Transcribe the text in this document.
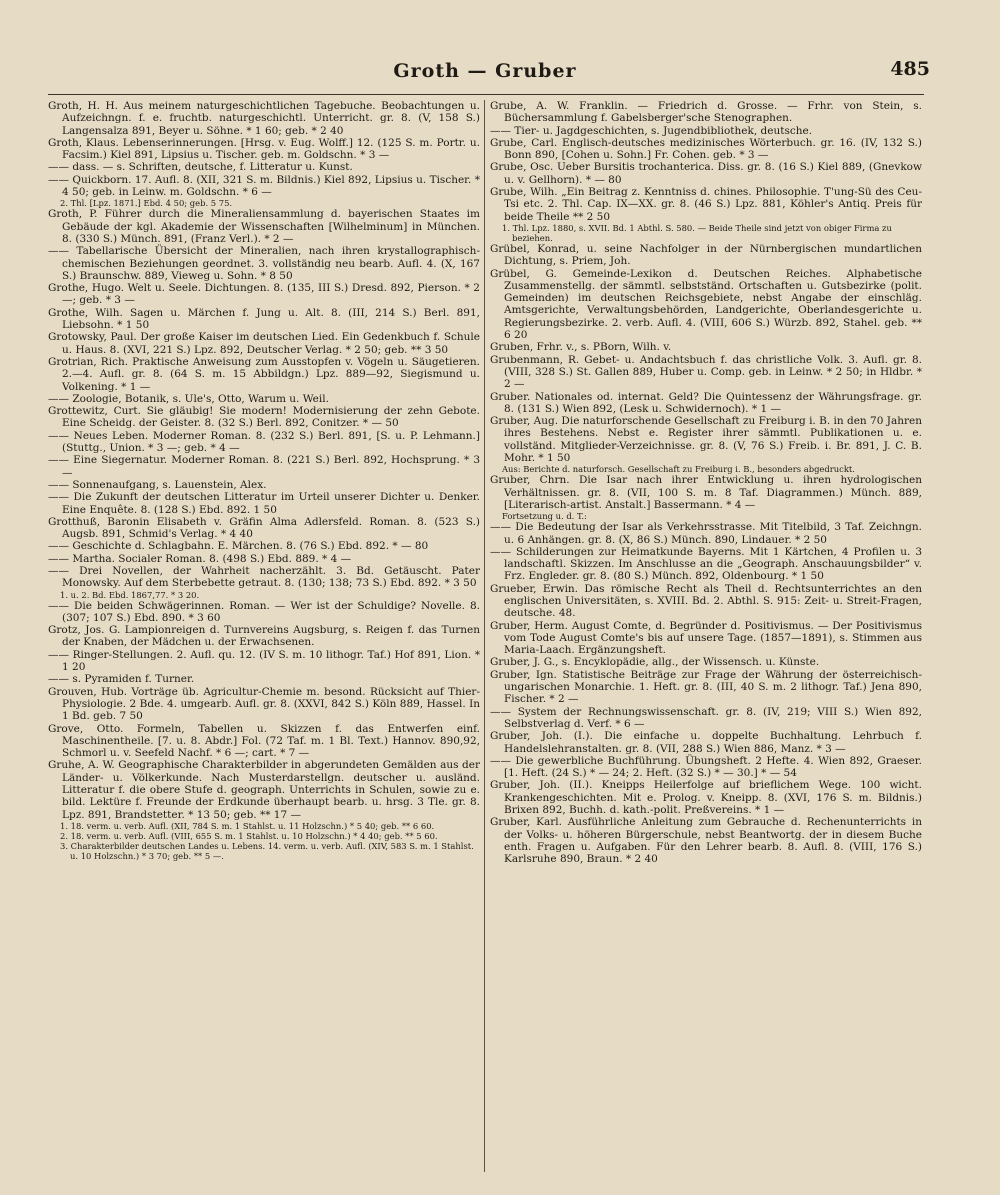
Groth — Gruber	485

Groth, H. H. Aus meinem naturgeschichtlichen Tagebuche. Beobachtungen u. Aufzeichngn. f. e. fruchtb. naturgeschichtl. Unterricht. gr. 8. (V, 158 S.) Langensalza 891, Beyer u. Söhne. * 1 60; geb. * 2 40

Groth, Klaus. Lebenserinnerungen. [Hrsg. v. Eug. Wolff.] 12. (125 S. m. Portr. u. Facsim.) Kiel 891, Lipsius u. Tischer. geb. m. Goldschn. * 3 —

—— dass. — s. Schriften, deutsche, f. Litteratur u. Kunst.

—— Quickborn. 17. Aufl. 8. (XII, 321 S. m. Bildnis.) Kiel 892, Lipsius u. Tischer. * 4 50; geb. in Leinw. m. Goldschn. * 6 —

2. Thl. [Lpz. 1871.] Ebd. 4 50; geb. 5 75.

Groth, P. Führer durch die Mineraliensammlung d. bayerischen Staates im Gebäude der kgl. Akademie der Wissenschaften [Wilhelminum] in München. 8. (330 S.) Münch. 891, (Franz Verl.). * 2 —

—— Tabellarische Übersicht der Mineralien, nach ihren krystallographisch-chemischen Beziehungen geordnet. 3. vollständig neu bearb. Aufl. 4. (X, 167 S.) Braunschw. 889, Vieweg u. Sohn. * 8 50

Grothe, Hugo. Welt u. Seele. Dichtungen. 8. (135, III S.) Dresd. 892, Pierson. * 2 —; geb. * 3 —

Grothe, Wilh. Sagen u. Märchen f. Jung u. Alt. 8. (III, 214 S.) Berl. 891, Liebsohn. * 1 50

Grotowsky, Paul. Der große Kaiser im deutschen Lied. Ein Gedenkbuch f. Schule u. Haus. 8. (XVI, 221 S.) Lpz. 892, Deutscher Verlag. * 2 50; geb. ** 3 50

Grotrian, Rich. Praktische Anweisung zum Ausstopfen v. Vögeln u. Säugetieren. 2.—4. Aufl. gr. 8. (64 S. m. 15 Abbildgn.) Lpz. 889—92, Siegismund u. Volkening. * 1 —

—— Zoologie, Botanik, s. Ule's, Otto, Warum u. Weil.

Grottewitz, Curt. Sie gläubig! Sie modern! Modernisierung der zehn Gebote. Eine Scheidg. der Geister. 8. (32 S.) Berl. 892, Conitzer. * — 50

—— Neues Leben. Moderner Roman. 8. (232 S.) Berl. 891, [S. u. P. Lehmann.] (Stuttg., Union. * 3 —; geb. * 4 —

—— Eine Siegernatur. Moderner Roman. 8. (221 S.) Berl. 892, Hochsprung. * 3 —

—— Sonnenaufgang, s. Lauenstein, Alex.

—— Die Zukunft der deutschen Litteratur im Urteil unserer Dichter u. Denker. Eine Enquête. 8. (128 S.) Ebd. 892. 1 50

Grotthuß, Baronin Elisabeth v. Gräfin Alma Adlersfeld. Roman. 8. (523 S.) Augsb. 891, Schmid's Verlag. * 4 40

—— Geschichte d. Schlagbahn. E. Märchen. 8. (76 S.) Ebd. 892. * — 80

—— Martha. Socialer Roman. 8. (498 S.) Ebd. 889. * 4 —

—— Drei Novellen, der Wahrheit nacherzählt. 3. Bd. Getäuscht. Pater Monowsky. Auf dem Sterbebette getraut. 8. (130; 138; 73 S.) Ebd. 892. * 3 50

1. u. 2. Bd. Ebd. 1867,77. * 3 20.

—— Die beiden Schwägerinnen. Roman. — Wer ist der Schuldige? Novelle. 8. (307; 107 S.) Ebd. 890. * 3 60

Grotz, Jos. G. Lampionreigen d. Turnvereins Augsburg, s. Reigen f. das Turnen der Knaben, der Mädchen u. der Erwachsenen.

—— Ringer-Stellungen. 2. Aufl. qu. 12. (IV S. m. 10 lithogr. Taf.) Hof 891, Lion. * 1 20

—— s. Pyramiden f. Turner.

Grouven, Hub. Vorträge üb. Agricultur-Chemie m. besond. Rücksicht auf Thier-Physiologie. 2 Bde. 4. umgearb. Aufl. gr. 8. (XXVI, 842 S.) Köln 889, Hassel. In 1 Bd. geb. 7 50

Grove, Otto. Formeln, Tabellen u. Skizzen f. das Entwerfen einf. Maschinentheile. [7. u. 8. Abdr.] Fol. (72 Taf. m. 1 Bl. Text.) Hannov. 890,92, Schmorl u. v. Seefeld Nachf. * 6 —; cart. * 7 —

Gruhe, A. W. Geographische Charakterbilder in abgerundeten Gemälden aus der Länder- u. Völkerkunde. Nach Musterdarstellgn. deutscher u. ausländ. Litteratur f. die obere Stufe d. geograph. Unterrichts in Schulen, sowie zu e. bild. Lektüre f. Freunde der Erdkunde überhaupt bearb. u. hrsg. 3 Tle. gr. 8. Lpz. 891, Brandstetter. * 13 50; geb. ** 17 —

1. 18. verm. u. verb. Aufl. (XII, 784 S. m. 1 Stahlst. u. 11 Holzschn.) * 5 40; geb. ** 6 60.

2. 18. verm. u. verb. Aufl. (VIII, 655 S. m. 1 Stahlst. u. 10 Holzschn.) * 4 40; geb. ** 5 60.

3. Charakterbilder deutschen Landes u. Lebens. 14. verm. u. verb. Aufl. (XIV, 583 S. m. 1 Stahlst. u. 10 Holzschn.) * 3 70; geb. ** 5 —.

Grube, A. W. Franklin. — Friedrich d. Grosse. — Frhr. von Stein, s. Büchersammlung f. Gabelsberger'sche Stenographen.

—— Tier- u. Jagdgeschichten, s. Jugendbibliothek, deutsche.

Grube, Carl. Englisch-deutsches medizinisches Wörterbuch. gr. 16. (IV, 132 S.) Bonn 890, [Cohen u. Sohn.] Fr. Cohen. geb. * 3 —

Grube, Osc. Ueber Bursitis trochanterica. Diss. gr. 8. (16 S.) Kiel 889, (Gnevkow u. v. Gellhorn). * — 80

Grube, Wilh. „Ein Beitrag z. Kenntniss d. chines. Philosophie. T'ung-Sü des Ceu-Tsi etc. 2. Thl. Cap. IX—XX. gr. 8. (46 S.) Lpz. 881, Köhler's Antiq. Preis für beide Theile ** 2 50

1. Thl. Lpz. 1880, s. XVII. Bd. 1 Abthl. S. 580. — Beide Theile sind jetzt von obiger Firma zu beziehen.

Grübel, Konrad, u. seine Nachfolger in der Nürnbergischen mundartlichen Dichtung, s. Priem, Joh.

Grübel, G. Gemeinde-Lexikon d. Deutschen Reiches. Alphabetische Zusammenstellg. der sämmtl. selbstständ. Ortschaften u. Gutsbezirke (polit. Gemeinden) im deutschen Reichsgebiete, nebst Angabe der einschläg. Amtsgerichte, Verwaltungsbehörden, Landgerichte, Oberlandesgerichte u. Regierungsbezirke. 2. verb. Aufl. 4. (VIII, 606 S.) Würzb. 892, Stahel. geb. ** 6 20

Gruben, Frhr. v., s. PBorn, Wilh. v.

Grubenmann, R. Gebet- u. Andachtsbuch f. das christliche Volk. 3. Aufl. gr. 8. (VIII, 328 S.) St. Gallen 889, Huber u. Comp. geb. in Leinw. * 2 50; in Hldbr. * 2 —

Gruber. Nationales od. internat. Geld? Die Quintessenz der Währungsfrage. gr. 8. (131 S.) Wien 892, (Lesk u. Schwidernoch). * 1 —

Gruber, Aug. Die naturforschende Gesellschaft zu Freiburg i. B. in den 70 Jahren ihres Bestehens. Nebst e. Register ihrer sämmtl. Publikationen u. e. vollständ. Mitglieder-Verzeichnisse. gr. 8. (V, 76 S.) Freib. i. Br. 891, J. C. B. Mohr. * 1 50

Aus: Berichte d. naturforsch. Gesellschaft zu Freiburg i. B., besonders abgedruckt.

Gruber, Chrn. Die Isar nach ihrer Entwicklung u. ihren hydrologischen Verhältnissen. gr. 8. (VII, 100 S. m. 8 Taf. Diagrammen.) Münch. 889, [Literarisch-artist. Anstalt.] Bassermann. * 4 —

Fortsetzung u. d. T.:

—— Die Bedeutung der Isar als Verkehrsstrasse. Mit Titelbild, 3 Taf. Zeichngn. u. 6 Anhängen. gr. 8. (X, 86 S.) Münch. 890, Lindauer. * 2 50

—— Schilderungen zur Heimatkunde Bayerns. Mit 1 Kärtchen, 4 Profilen u. 3 landschaftl. Skizzen. Im Anschlusse an die „Geograph. Anschauungsbilder“ v. Frz. Engleder. gr. 8. (80 S.) Münch. 892, Oldenbourg. * 1 50

Grueber, Erwin. Das römische Recht als Theil d. Rechtsunterrichtes an den englischen Universitäten, s. XVIII. Bd. 2. Abthl. S. 915: Zeit- u. Streit-Fragen, deutsche. 48.

Gruber, Herm. August Comte, d. Begründer d. Positivismus. — Der Positivismus vom Tode August Comte's bis auf unsere Tage. (1857—1891), s. Stimmen aus Maria-Laach. Ergänzungsheft.

Gruber, J. G., s. Encyklopädie, allg., der Wissensch. u. Künste.

Gruber, Ign. Statistische Beiträge zur Frage der Währung der österreichisch-ungarischen Monarchie. 1. Heft. gr. 8. (III, 40 S. m. 2 lithogr. Taf.) Jena 890, Fischer. * 2 —

—— System der Rechnungswissenschaft. gr. 8. (IV, 219; VIII S.) Wien 892, Selbstverlag d. Verf. * 6 —

Gruber, Joh. (I.). Die einfache u. doppelte Buchhaltung. Lehrbuch f. Handelslehranstalten. gr. 8. (VII, 288 S.) Wien 886, Manz. * 3 —

—— Die gewerbliche Buchführung. Übungsheft. 2 Hefte. 4. Wien 892, Graeser. [1. Heft. (24 S.) * — 24; 2. Heft. (32 S.) * — 30.] * — 54

Gruber, Joh. (II.). Kneipps Heilerfolge auf brieflichem Wege. 100 wicht. Krankengeschichten. Mit e. Prolog. v. Kneipp. 8. (XVI, 176 S. m. Bildnis.) Brixen 892, Buchh. d. kath.-polit. Preßvereins. * 1 —

Gruber, Karl. Ausführliche Anleitung zum Gebrauche d. Rechenunterrichts in der Volks- u. höheren Bürgerschule, nebst Beantwortg. der in diesem Buche enth. Fragen u. Aufgaben. Für den Lehrer bearb. 8. Aufl. 8. (VIII, 176 S.) Karlsruhe 890, Braun. * 2 40
